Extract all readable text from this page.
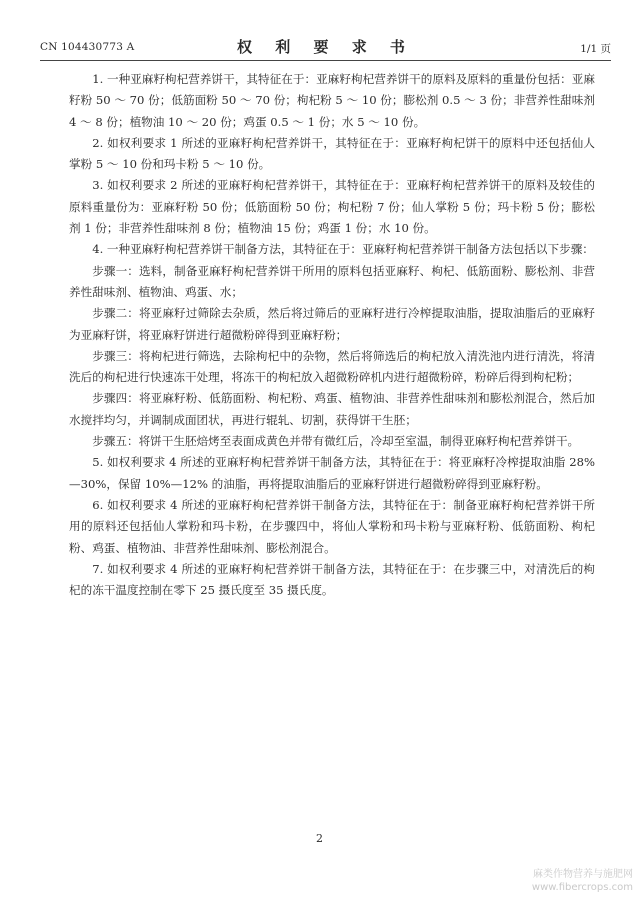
CN 104430773 A	权 利 要 求 书	1/1 页

1. 一种亚麻籽枸杞营养饼干，其特征在于：亚麻籽枸杞营养饼干的原料及原料的重量份包括：亚麻籽粉 50 ～ 70 份；低筋面粉 50 ～ 70 份；枸杞粉 5 ～ 10 份；膨松剂 0.5 ～ 3 份；非营养性甜味剂 4 ～ 8 份；植物油 10 ～ 20 份；鸡蛋 0.5 ～ 1 份；水 5 ～ 10 份。

2. 如权利要求 1 所述的亚麻籽枸杞营养饼干，其特征在于：亚麻籽枸杞饼干的原料中还包括仙人掌粉 5 ～ 10 份和玛卡粉 5 ～ 10 份。

3. 如权利要求 2 所述的亚麻籽枸杞营养饼干，其特征在于：亚麻籽枸杞营养饼干的原料及较佳的原料重量份为：亚麻籽粉 50 份；低筋面粉 50 份；枸杞粉 7 份；仙人掌粉 5 份；玛卡粉 5 份；膨松剂 1 份；非营养性甜味剂 8 份；植物油 15 份；鸡蛋 1 份；水 10 份。

4. 一种亚麻籽枸杞营养饼干制备方法，其特征在于：亚麻籽枸杞营养饼干制备方法包括以下步骤：

步骤一：选料，制备亚麻籽枸杞营养饼干所用的原料包括亚麻籽、枸杞、低筋面粉、膨松剂、非营养性甜味剂、植物油、鸡蛋、水；

步骤二：将亚麻籽过筛除去杂质，然后将过筛后的亚麻籽进行冷榨提取油脂，提取油脂后的亚麻籽为亚麻籽饼，将亚麻籽饼进行超微粉碎得到亚麻籽粉；

步骤三：将枸杞进行筛选，去除枸杞中的杂物，然后将筛选后的枸杞放入清洗池内进行清洗，将清洗后的枸杞进行快速冻干处理，将冻干的枸杞放入超微粉碎机内进行超微粉碎，粉碎后得到枸杞粉；

步骤四：将亚麻籽粉、低筋面粉、枸杞粉、鸡蛋、植物油、非营养性甜味剂和膨松剂混合，然后加水搅拌均匀，并调制成面团状，再进行辊轧、切割，获得饼干生胚；

步骤五：将饼干生胚焙烤至表面成黄色并带有微红后，冷却至室温，制得亚麻籽枸杞营养饼干。

5. 如权利要求 4 所述的亚麻籽枸杞营养饼干制备方法，其特征在于：将亚麻籽冷榨提取油脂 28%—30%，保留 10%—12% 的油脂，再将提取油脂后的亚麻籽饼进行超微粉碎得到亚麻籽粉。

6. 如权利要求 4 所述的亚麻籽枸杞营养饼干制备方法，其特征在于：制备亚麻籽枸杞营养饼干所用的原料还包括仙人掌粉和玛卡粉，在步骤四中，将仙人掌粉和玛卡粉与亚麻籽粉、低筋面粉、枸杞粉、鸡蛋、植物油、非营养性甜味剂、膨松剂混合。

7. 如权利要求 4 所述的亚麻籽枸杞营养饼干制备方法，其特征在于：在步骤三中，对清洗后的枸杞的冻干温度控制在零下 25 摄氏度至 35 摄氏度。

2
麻类作物营养与施肥网
www.fibercrops.com
